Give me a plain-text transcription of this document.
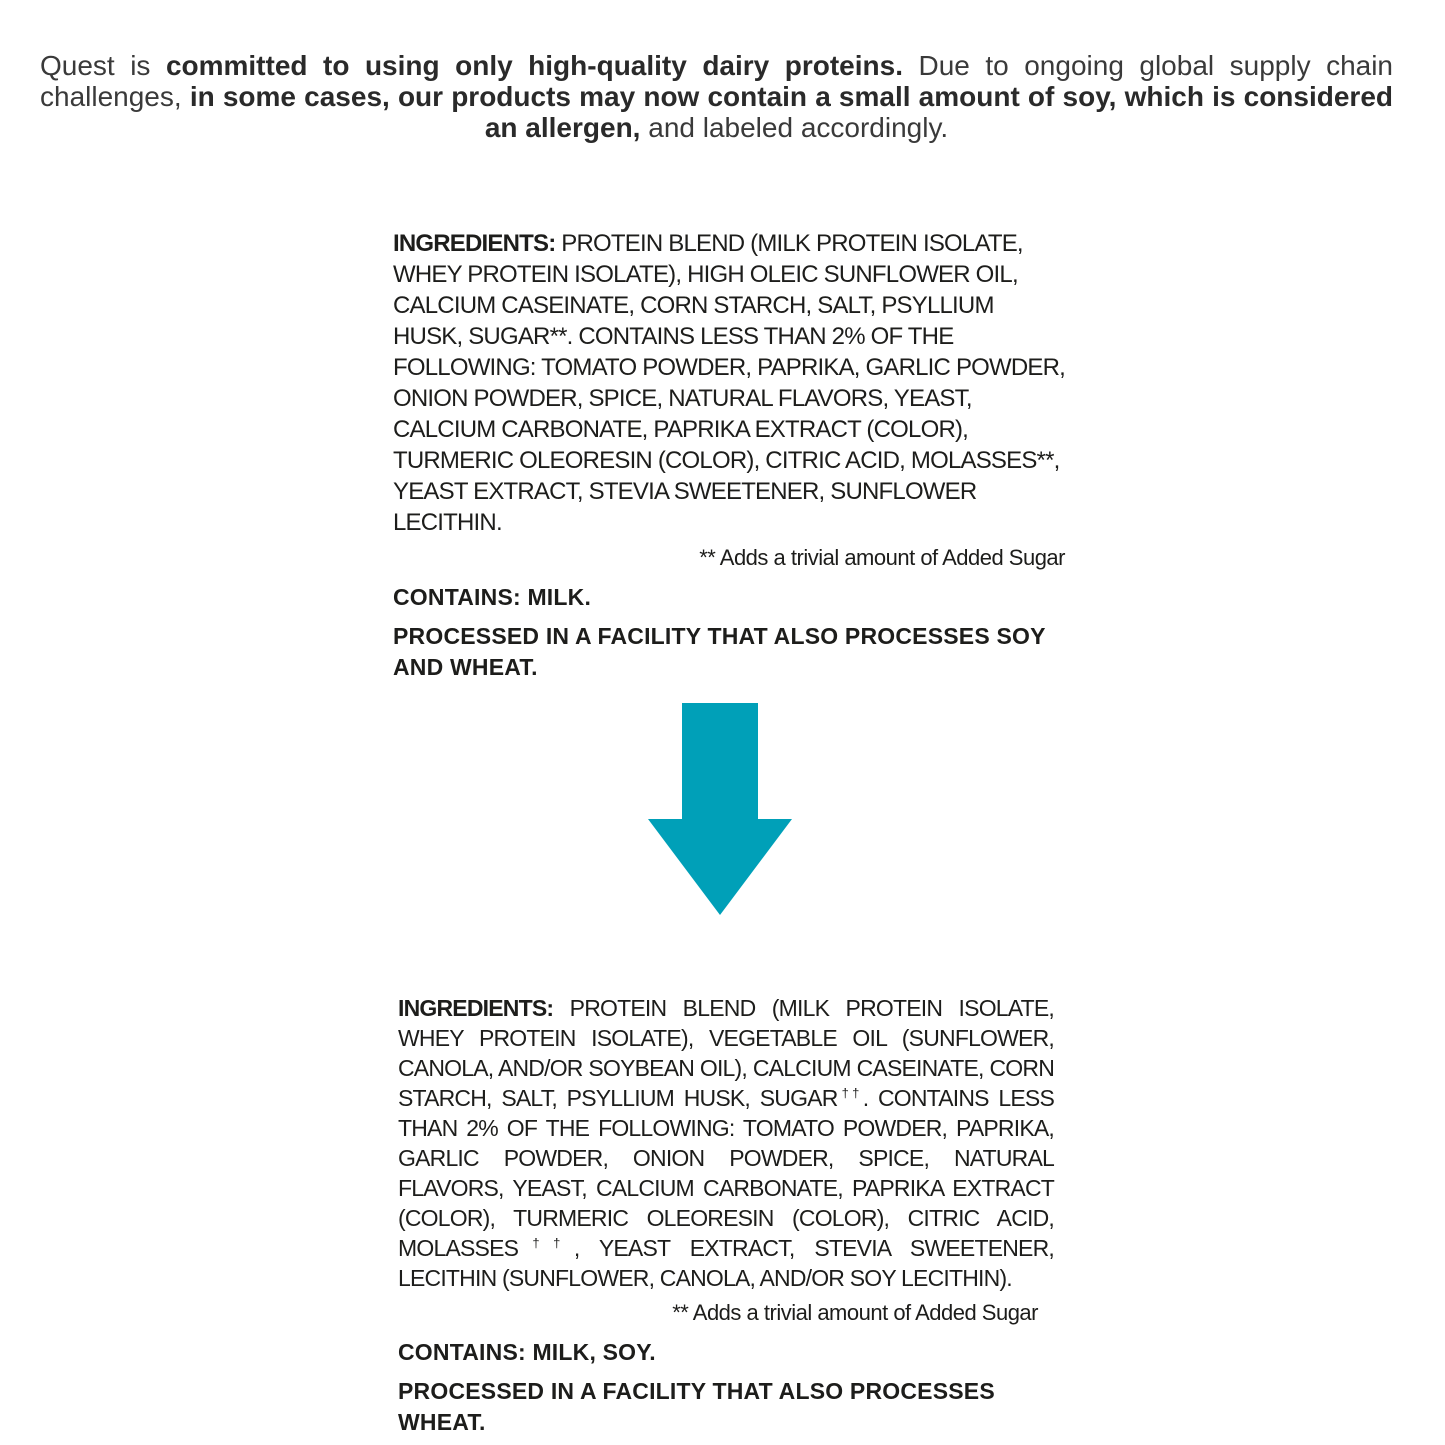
Quest is committed to using only high-quality dairy proteins. Due to ongoing global supply chain challenges, in some cases, our products may now contain a small amount of soy, which is considered an allergen, and labeled accordingly.

INGREDIENTS: PROTEIN BLEND (MILK PROTEIN ISOLATE, WHEY PROTEIN ISOLATE), HIGH OLEIC SUNFLOWER OIL, CALCIUM CASEINATE, CORN STARCH, SALT, PSYLLIUM HUSK, SUGAR**. CONTAINS LESS THAN 2% OF THE FOLLOWING: TOMATO POWDER, PAPRIKA, GARLIC POWDER, ONION POWDER, SPICE, NATURAL FLAVORS, YEAST, CALCIUM CARBONATE, PAPRIKA EXTRACT (COLOR), TURMERIC OLEORESIN (COLOR), CITRIC ACID, MOLASSES**, YEAST EXTRACT, STEVIA SWEETENER, SUNFLOWER LECITHIN.

** Adds a trivial amount of Added Sugar

CONTAINS: MILK.

PROCESSED IN A FACILITY THAT ALSO PROCESSES SOY AND WHEAT.

INGREDIENTS: PROTEIN BLEND (MILK PROTEIN ISOLATE, WHEY PROTEIN ISOLATE), VEGETABLE OIL (SUNFLOWER, CANOLA, AND/OR SOYBEAN OIL), CALCIUM CASEINATE, CORN STARCH, SALT, PSYLLIUM HUSK, SUGAR††. CONTAINS LESS THAN 2% OF THE FOLLOWING: TOMATO POWDER, PAPRIKA, GARLIC POWDER, ONION POWDER, SPICE, NATURAL FLAVORS, YEAST, CALCIUM CARBONATE, PAPRIKA EXTRACT (COLOR), TURMERIC OLEORESIN (COLOR), CITRIC ACID, MOLASSES††, YEAST EXTRACT, STEVIA SWEETENER, LECITHIN (SUNFLOWER, CANOLA, AND/OR SOY LECITHIN).

** Adds a trivial amount of Added Sugar

CONTAINS: MILK, SOY.

PROCESSED IN A FACILITY THAT ALSO PROCESSES WHEAT.
